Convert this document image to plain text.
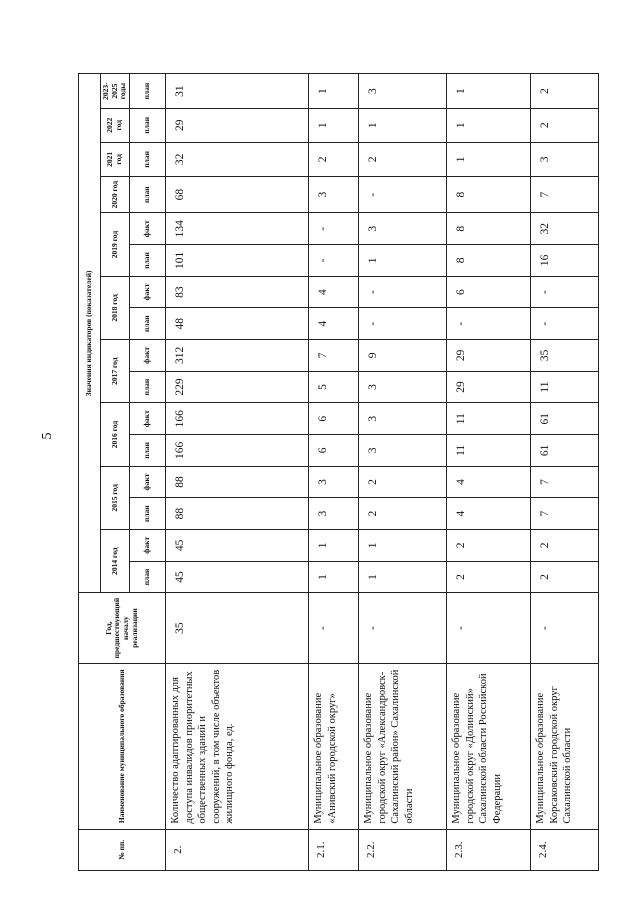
5
№ пп.	Наименование муниципального образования	Год, предшествующий началу реализации	Значения индикаторов (показателей)															
			2014 год		2015 год		2016 год		2017 год		2018 год		2019 год		2020 год	2021 год	2022 год	2023-2025 годы
			план	факт	план	факт	план	факт	план	факт	план	факт	план	факт	план	план	план	план
2.	Количество адаптированных для доступа инвалидов приоритетных общественных зданий и сооружений, в том числе объектов жилищного фонда, ед.	35	45	45	88	88	166	166	229	312	48	83	101	134	68	32	29	31
2.1.	Муниципальное образование «Анивский городской округ»	-	1	1	3	3	6	6	5	7	4	4	-	-	3	2	1	1
2.2.	Муниципальное образование городской округ «Александровск-Сахалинский район» Сахалинской области	-	1	1	2	2	3	3	3	9	-	-	1	3	-	2	1	3
2.3.	Муниципальное образование городской округ «Долинский» Сахалинской области Российской Федерации	-	2	2	4	4	11	11	29	29	-	6	8	8	8	1	1	1
2.4.	Муниципальное образование Корсаковский городской округ Сахалинской области	-	2	2	7	7	61	61	11	35	-	-	16	32	7	3	2	2
